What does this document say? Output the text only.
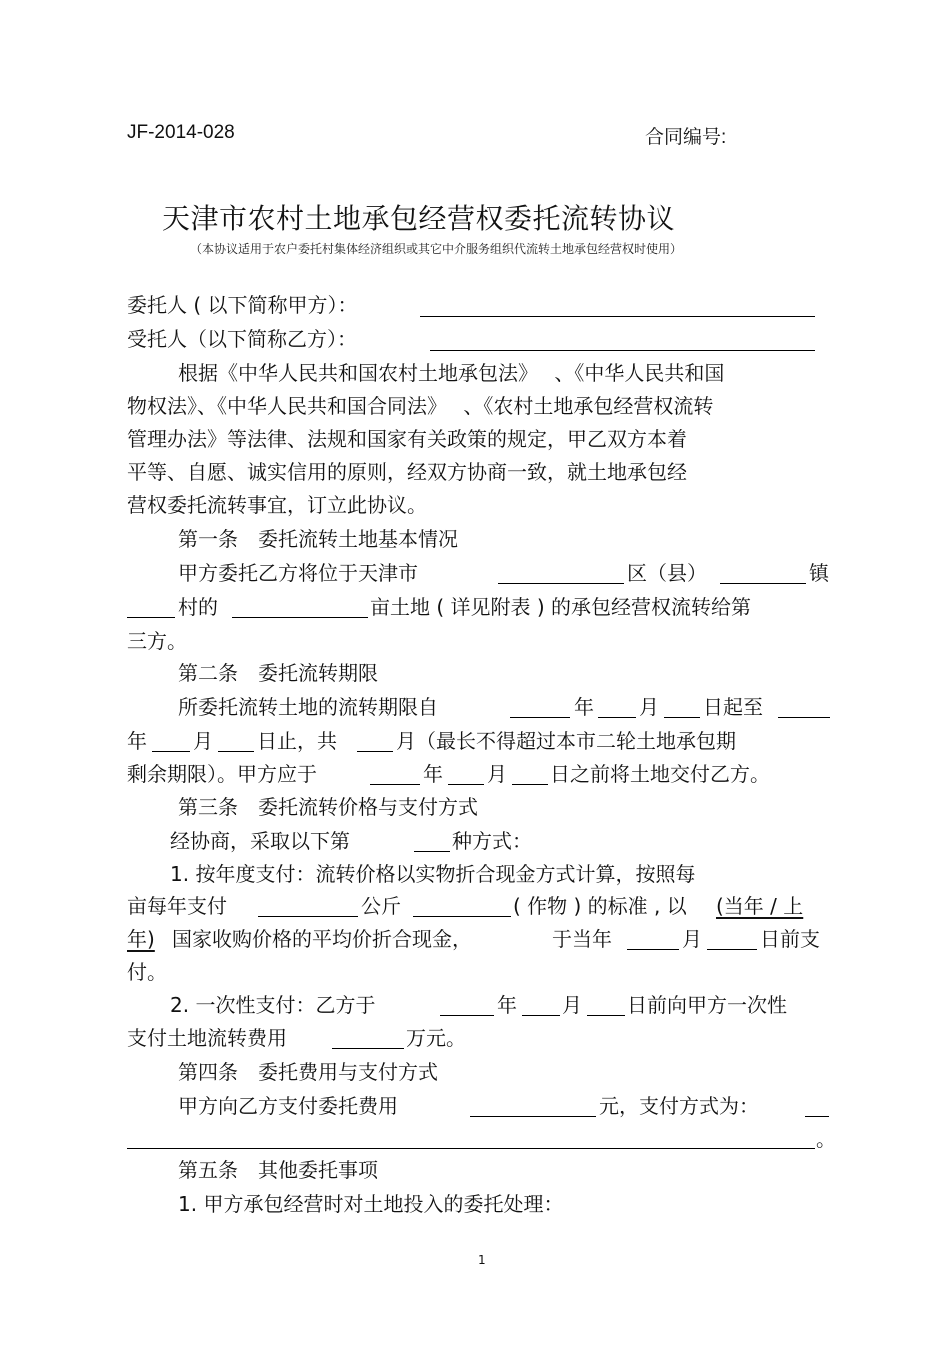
JF-2014-028	合同编号:
天津市农村土地承包经营权委托流转协议
（本协议适用于农户委托村集体经济组织或其它中介服务组织代流转土地承包经营权时使用）
委托人 ( 以下简称甲方）：
受托人（以下简称乙方）：
根据《中华人民共和国农村土地承包法》　 、《中华人民共和国
物权法》、《中华人民共和国合同法》　 、《农村土地承包经营权流转
管理办法》等法律、法规和国家有关政策的规定，甲乙双方本着
平等、自愿、诚实信用的原则，经双方协商一致，就土地承包经
营权委托流转事宜，订立此协议。
第一条　委托流转土地基本情况
甲方委托乙方将位于天津市	区（县）	镇
村的	亩土地 ( 详见附表 ) 的承包经营权流转给第
三方。
第二条　委托流转期限
所委托流转土地的流转期限自	年 月 日起至
年 月 日止，共	月（最长不得超过本市二轮土地承包期
剩余期限）。甲方应于	年 月 日之前将土地交付乙方。
第三条　委托流转价格与支付方式
经协商，采取以下第	种方式：
1. 按年度支付：流转价格以实物折合现金方式计算，按照每
亩每年支付	公斤	( 作物 ) 的标准 , 以 (当年 / 上
年) 国家收购价格的平均价折合现金，	于当年	月	日前支
付。
2. 一次性支付：乙方于	年 月 日前向甲方一次性
支付土地流转费用	万元。
第四条　委托费用与支付方式
甲方向乙方支付委托费用	元，支付方式为：
。
第五条　其他委托事项
1. 甲方承包经营时对土地投入的委托处理：
1
